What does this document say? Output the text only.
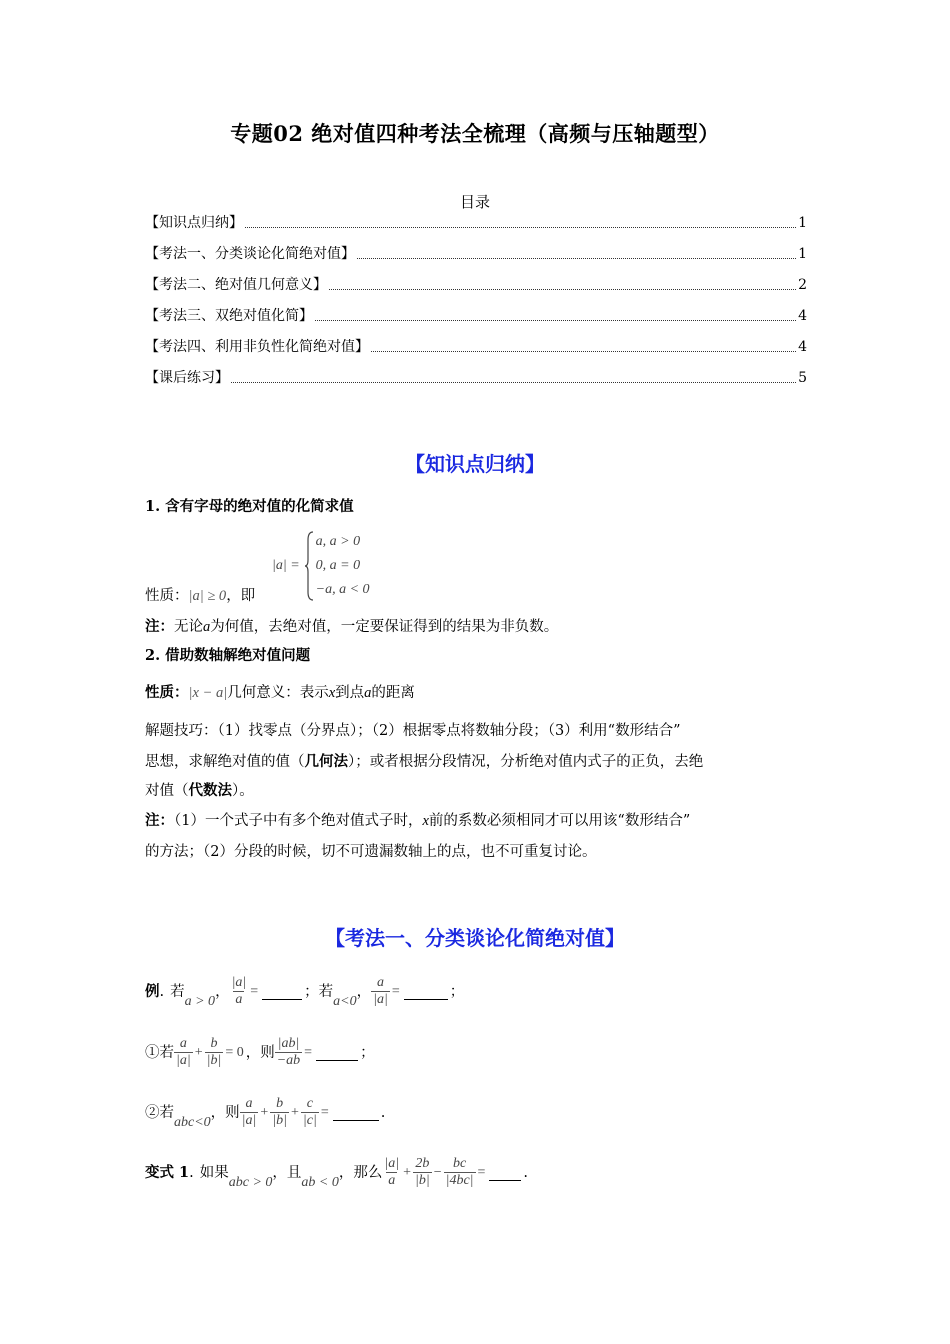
专题02 绝对值四种考法全梳理（高频与压轴题型）
目录
【知识点归纳】	1
【考法一、分类谈论化简绝对值】	1
【考法二、绝对值几何意义】	2
【考法三、双绝对值化简】	4
【考法四、利用非负性化简绝对值】	4
【课后练习】	5
【知识点归纳】
1. 含有字母的绝对值的化简求值
|a| =
a, a > 0
0, a = 0
−a, a < 0
性质：|a| ≥ 0，即
注：无论a为何值，去绝对值，一定要保证得到的结果为非负数。
2. 借助数轴解绝对值问题
性质：|x − a|几何意义：表示x到点a的距离
解题技巧：（1）找零点（分界点）；（2）根据零点将数轴分段；（3）利用“数形结合”
思想，求解绝对值的值（几何法）；或者根据分段情况，分析绝对值内式子的正负，去绝
对值（代数法）。
注：（1）一个式子中有多个绝对值式子时，x前的系数必须相同才可以用该“数形结合”
的方法；（2）分段的时候，切不可遗漏数轴上的点，也不可重复讨论。
【考法一、分类谈论化简绝对值】
例 . 若
a > 0
， $\frac{|a|}{a}$ =	； 若
a<0
， $\frac{a}{|a|}$ =	；
①若 $\frac{a}{|a|} + \frac{b}{|b|} = 0$ ，则 $\frac{|ab|}{-ab}$ =	；
②若
abc<0
，则 $\frac{a}{|a|} + \frac{b}{|b|} + \frac{c}{|c|}$ =	.
变式 1 . 如果
abc > 0
，且
ab < 0
，那么 $\frac{|a|}{a} + \frac{2b}{|b|} - \frac{bc}{|4bc|}$ =	.
